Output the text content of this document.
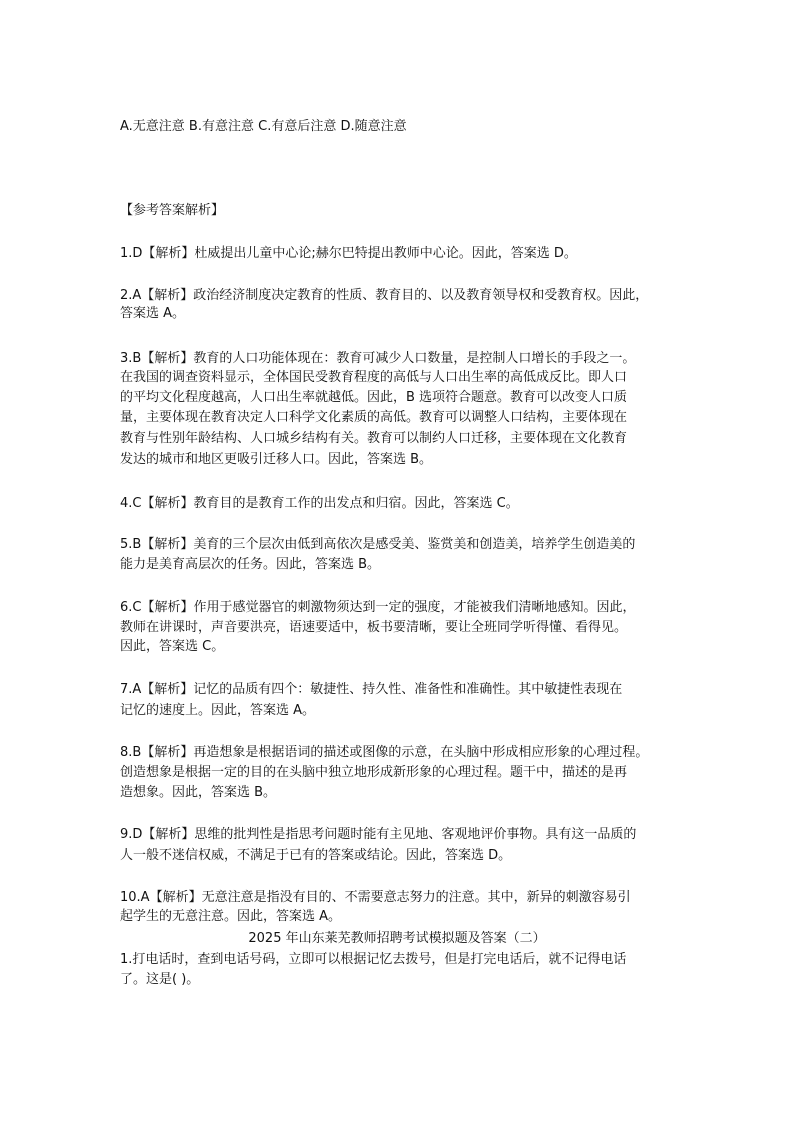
A.无意注意 B.有意注意 C.有意后注意 D.随意注意
【参考答案解析】
1.D【解析】杜威提出儿童中心论;赫尔巴特提出教师中心论。因此，答案选 D。
2.A【解析】政治经济制度决定教育的性质、教育目的、以及教育领导权和受教育权。因此，
答案选 A。
3.B【解析】教育的人口功能体现在：教育可减少人口数量，是控制人口增长的手段之一。
在我国的调查资料显示，全体国民受教育程度的高低与人口出生率的高低成反比。即人口
的平均文化程度越高，人口出生率就越低。因此，B 选项符合题意。教育可以改变人口质
量，主要体现在教育决定人口科学文化素质的高低。教育可以调整人口结构，主要体现在
教育与性别年龄结构、人口城乡结构有关。教育可以制约人口迁移，主要体现在文化教育
发达的城市和地区更吸引迁移人口。因此，答案选 B。
4.C【解析】教育目的是教育工作的出发点和归宿。因此，答案选 C。
5.B【解析】美育的三个层次由低到高依次是感受美、鉴赏美和创造美，培养学生创造美的
能力是美育高层次的任务。因此，答案选 B。
6.C【解析】作用于感觉器官的刺激物须达到一定的强度，才能被我们清晰地感知。因此，
教师在讲课时，声音要洪亮，语速要适中，板书要清晰，要让全班同学听得懂、看得见。
因此，答案选 C。
7.A【解析】记忆的品质有四个：敏捷性、持久性、准备性和准确性。其中敏捷性表现在
记忆的速度上。因此，答案选 A。
8.B【解析】再造想象是根据语词的描述或图像的示意，在头脑中形成相应形象的心理过程。
创造想象是根据一定的目的在头脑中独立地形成新形象的心理过程。题干中，描述的是再
造想象。因此，答案选 B。
9.D【解析】思维的批判性是指思考问题时能有主见地、客观地评价事物。具有这一品质的
人一般不迷信权威，不满足于已有的答案或结论。因此，答案选 D。
10.A【解析】无意注意是指没有目的、不需要意志努力的注意。其中，新异的刺激容易引
起学生的无意注意。因此，答案选 A。
2025 年山东莱芜教师招聘考试模拟题及答案（二）
1.打电话时，查到电话号码，立即可以根据记忆去拨号，但是打完电话后，就不记得电话
了。这是( )。
